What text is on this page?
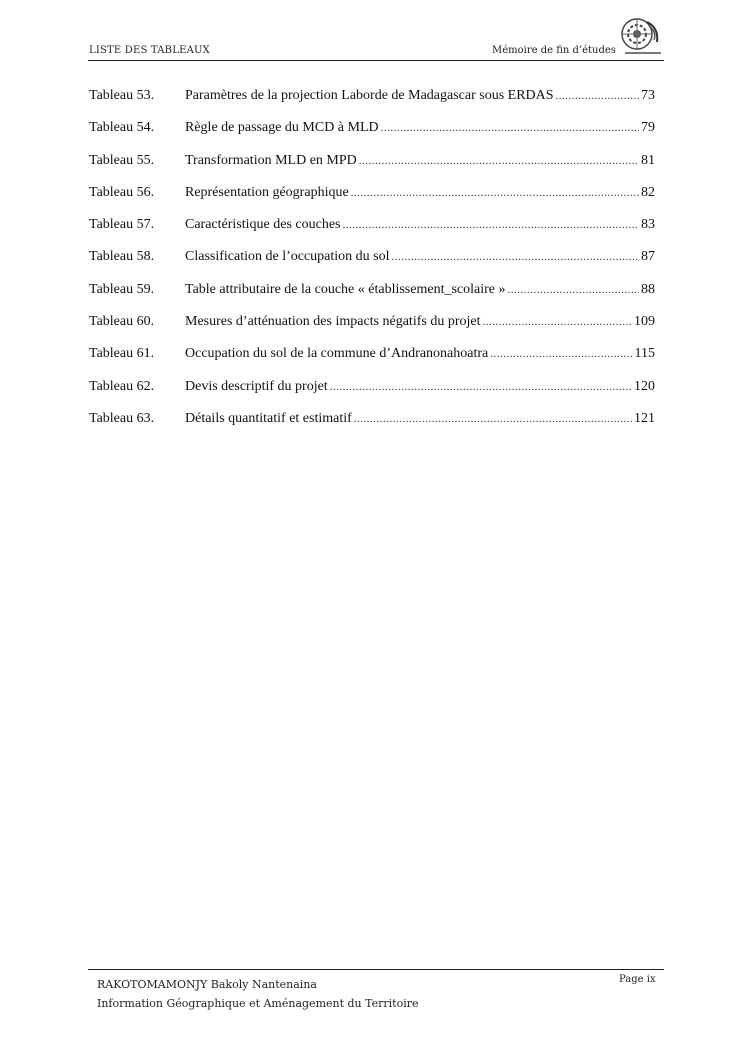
LISTE DES TABLEAUX	Mémoire de fin d’études
Tableau 53.	Paramètres de la projection Laborde de Madagascar sous ERDAS .....	73
Tableau 54.	Règle de passage du MCD à MLD .....	79
Tableau 55.	Transformation MLD en MPD .....	81
Tableau 56.	Représentation géographique .....	82
Tableau 57.	Caractéristique des couches .....	83
Tableau 58.	Classification de l’occupation du sol .....	87
Tableau 59.	Table attributaire de la couche « établissement_scolaire » .....	88
Tableau 60.	Mesures d’atténuation des impacts négatifs du projet .....	109
Tableau 61.	Occupation du sol de la commune d’Andranonahoatra .....	115
Tableau 62.	Devis descriptif du projet .....	120
Tableau 63.	Détails quantitatif et estimatif .....	121
RAKOTOMAMONJY Bakoly Nantenaina
Information Géographique et Aménagement du Territoire
Page ix
